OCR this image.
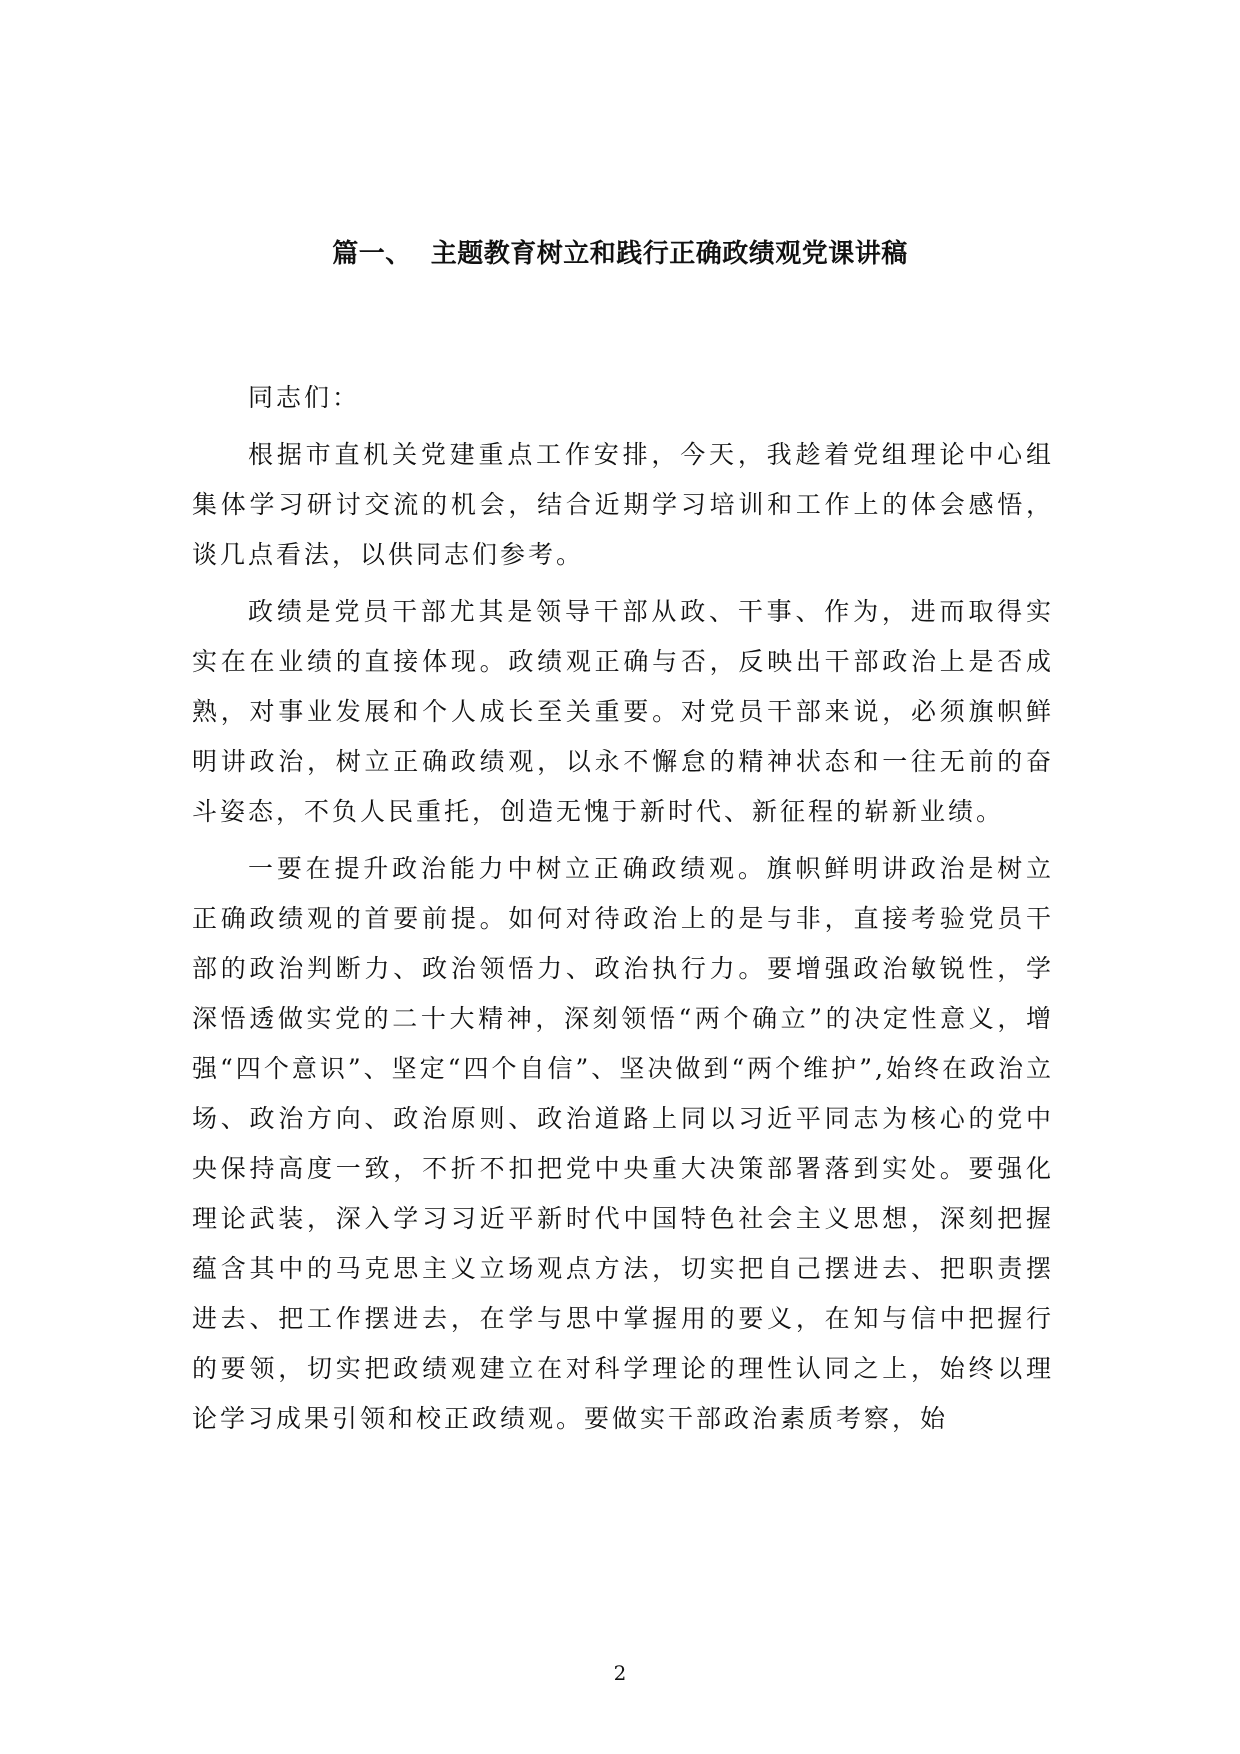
篇一、  主题教育树立和践行正确政绩观党课讲稿

同志们：

根据市直机关党建重点工作安排，今天，我趁着党组理论中心组集体学习研讨交流的机会，结合近期学习培训和工作上的体会感悟，谈几点看法，以供同志们参考。

政绩是党员干部尤其是领导干部从政、干事、作为，进而取得实实在在业绩的直接体现。政绩观正确与否，反映出干部政治上是否成熟，对事业发展和个人成长至关重要。对党员干部来说，必须旗帜鲜明讲政治，树立正确政绩观，以永不懈怠的精神状态和一往无前的奋斗姿态，不负人民重托，创造无愧于新时代、新征程的崭新业绩。

一要在提升政治能力中树立正确政绩观。旗帜鲜明讲政治是树立正确政绩观的首要前提。如何对待政治上的是与非，直接考验党员干部的政治判断力、政治领悟力、政治执行力。要增强政治敏锐性，学深悟透做实党的二十大精神，深刻领悟“两个确立”的决定性意义，增强“四个意识”、坚定“四个自信”、坚决做到“两个维护”,始终在政治立场、政治方向、政治原则、政治道路上同以习近平同志为核心的党中央保持高度一致，不折不扣把党中央重大决策部署落到实处。要强化理论武装，深入学习习近平新时代中国特色社会主义思想，深刻把握蕴含其中的马克思主义立场观点方法，切实把自己摆进去、把职责摆进去、把工作摆进去，在学与思中掌握用的要义，在知与信中把握行的要领，切实把政绩观建立在对科学理论的理性认同之上，始终以理论学习成果引领和校正政绩观。要做实干部政治素质考察，始

2
